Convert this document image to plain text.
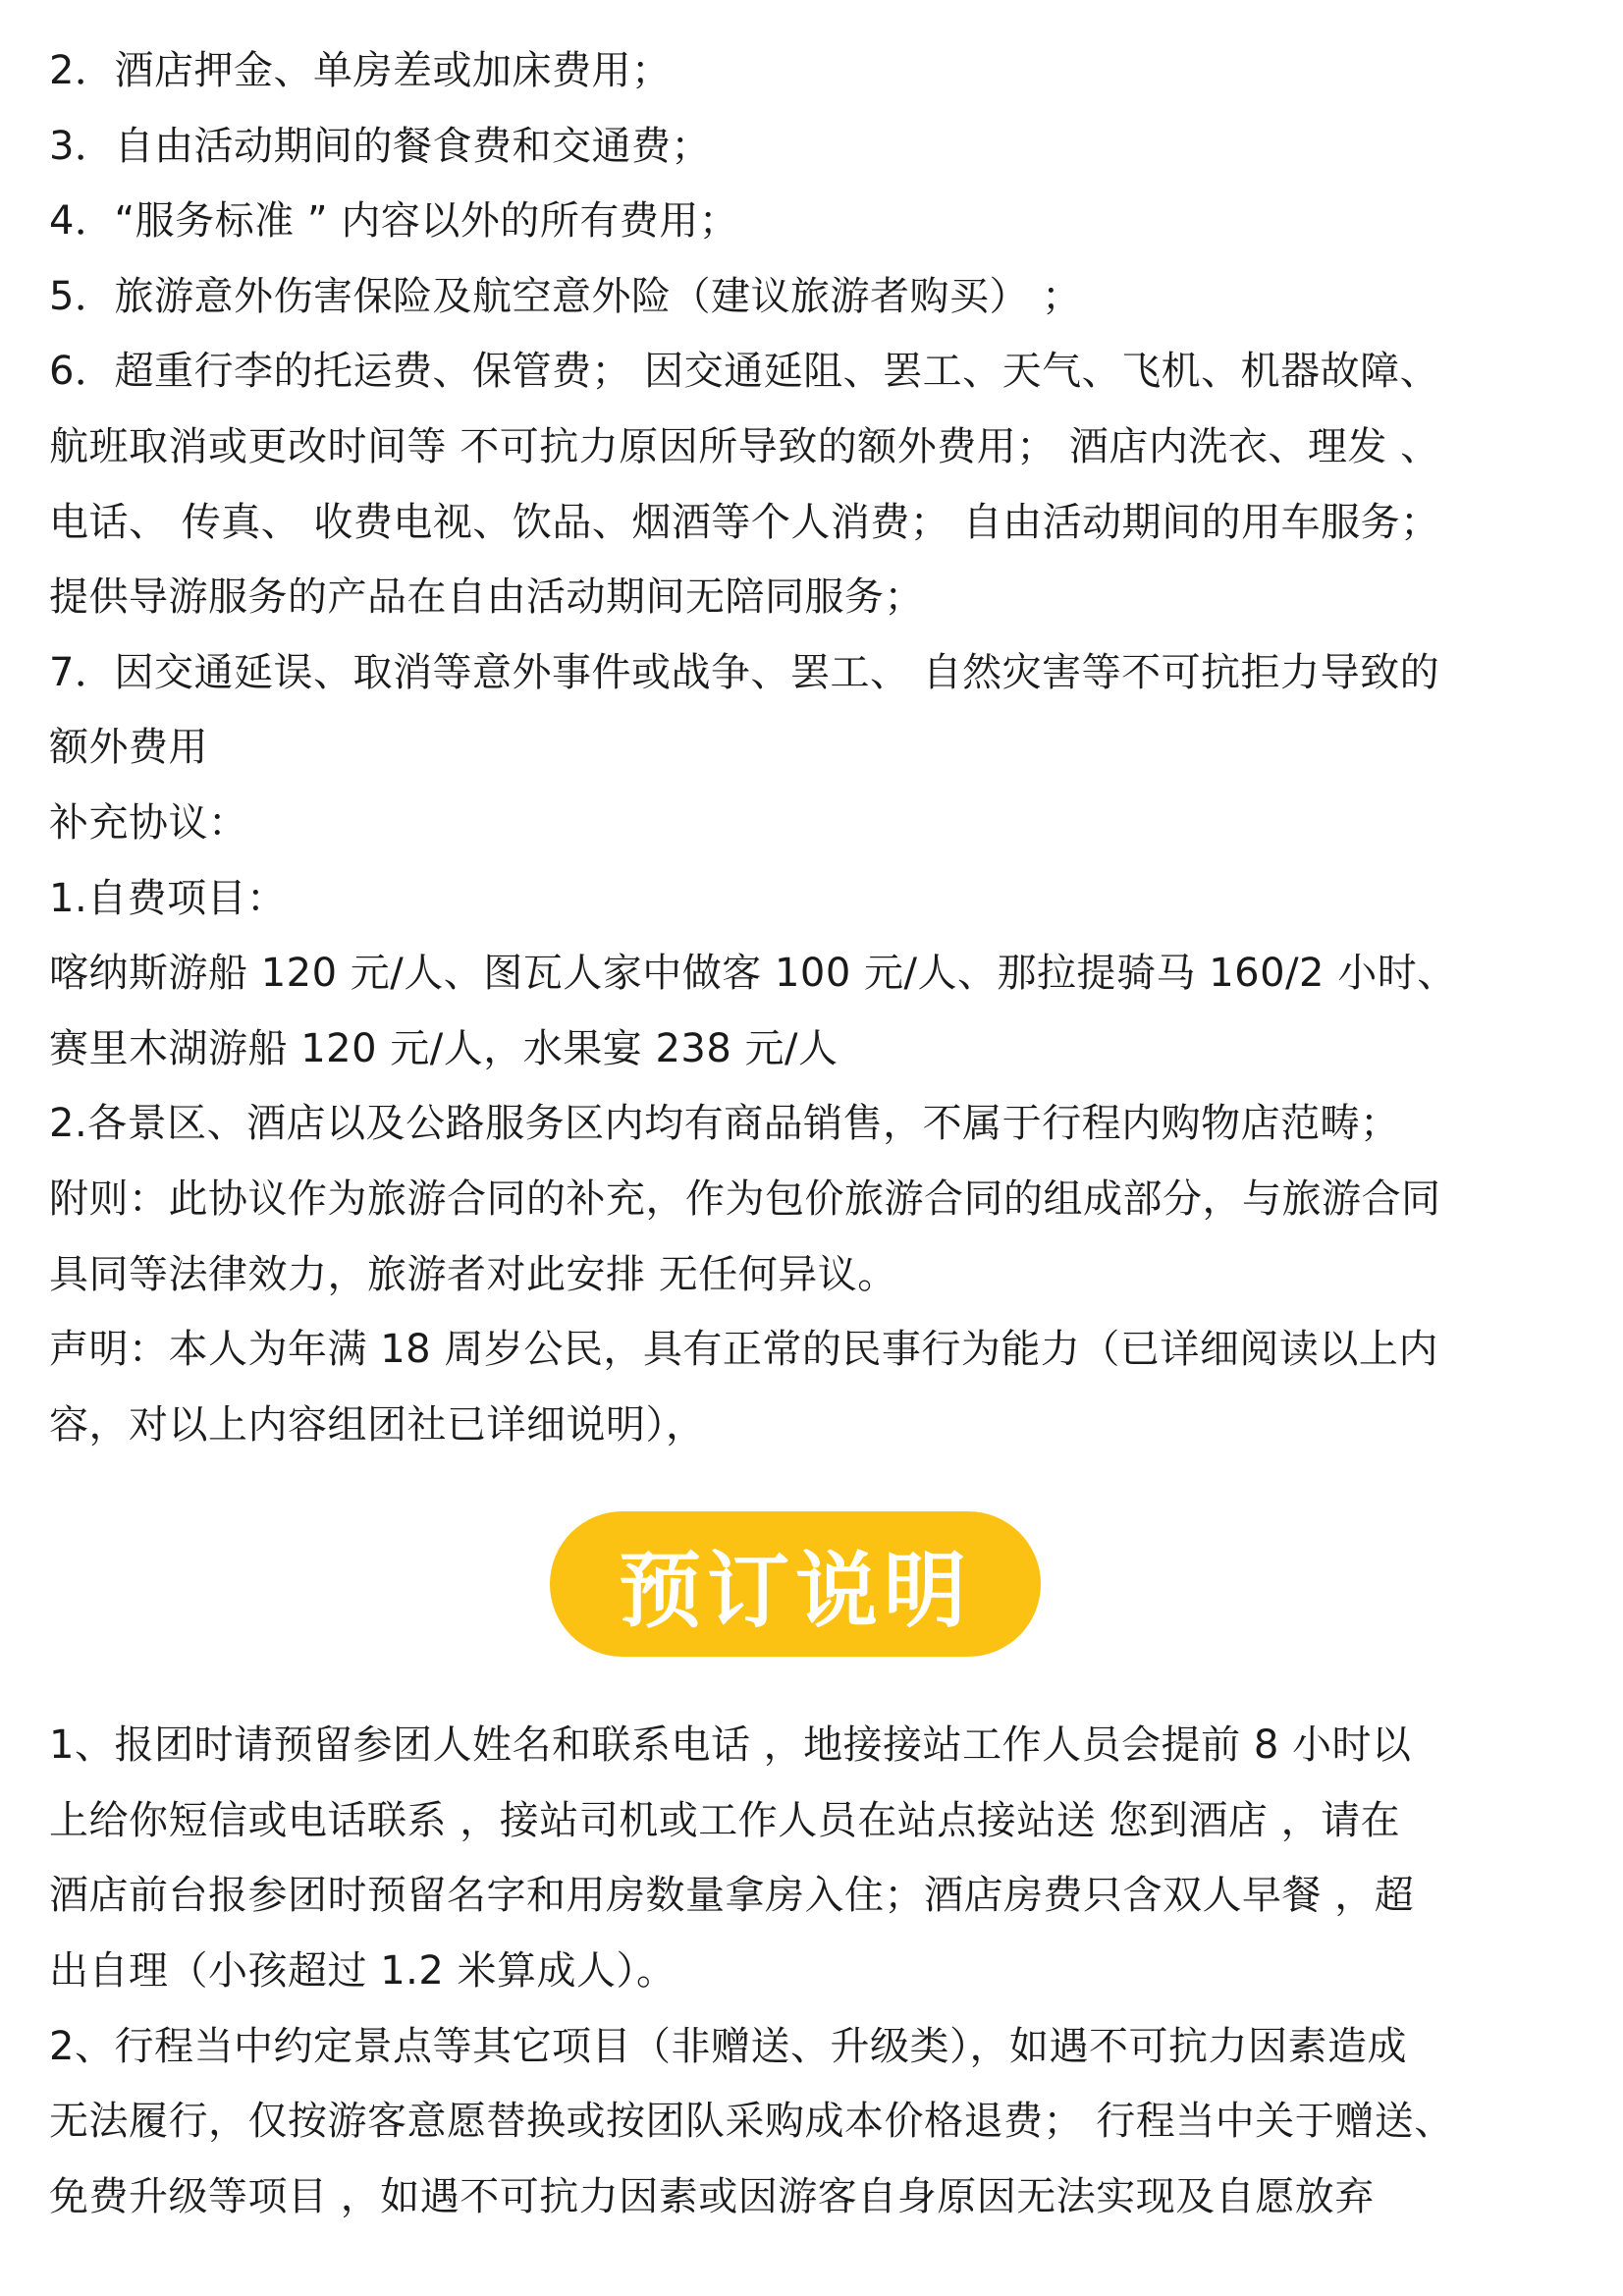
2．酒店押金、单房差或加床费用；
3．自由活动期间的餐食费和交通费；
4．“服务标准 ” 内容以外的所有费用；
5．旅游意外伤害保险及航空意外险（建议旅游者购买） ；
6．超重行李的托运费、保管费； 因交通延阻、罢工、天气、飞机、机器故障、
航班取消或更改时间等 不可抗力原因所导致的额外费用； 酒店内洗衣、理发 、
电话、 传真、 收费电视、饮品、烟酒等个人消费； 自由活动期间的用车服务；
提供导游服务的产品在自由活动期间无陪同服务；
7．因交通延误、取消等意外事件或战争、罢工、 自然灾害等不可抗拒力导致的
额外费用
补充协议：
1.自费项目：
喀纳斯游船 120 元/人、图瓦人家中做客 100 元/人、那拉提骑马 160/2 小时、
赛里木湖游船 120 元/人，水果宴 238 元/人
2.各景区、酒店以及公路服务区内均有商品销售，不属于行程内购物店范畴；
附则：此协议作为旅游合同的补充，作为包价旅游合同的组成部分，与旅游合同
具同等法律效力，旅游者对此安排 无任何异议。
声明：本人为年满 18 周岁公民，具有正常的民事行为能力（已详细阅读以上内
容，对以上内容组团社已详细说明），
预订说明
1、报团时请预留参团人姓名和联系电话 ，地接接站工作人员会提前 8 小时以
上给你短信或电话联系 ，接站司机或工作人员在站点接站送 您到酒店 ，请在
酒店前台报参团时预留名字和用房数量拿房入住；酒店房费只含双人早餐 ，超
出自理（小孩超过 1.2 米算成人）。
2、行程当中约定景点等其它项目（非赠送、升级类），如遇不可抗力因素造成
无法履行，仅按游客意愿替换或按团队采购成本价格退费； 行程当中关于赠送、
免费升级等项目 ，如遇不可抗力因素或因游客自身原因无法实现及自愿放弃
